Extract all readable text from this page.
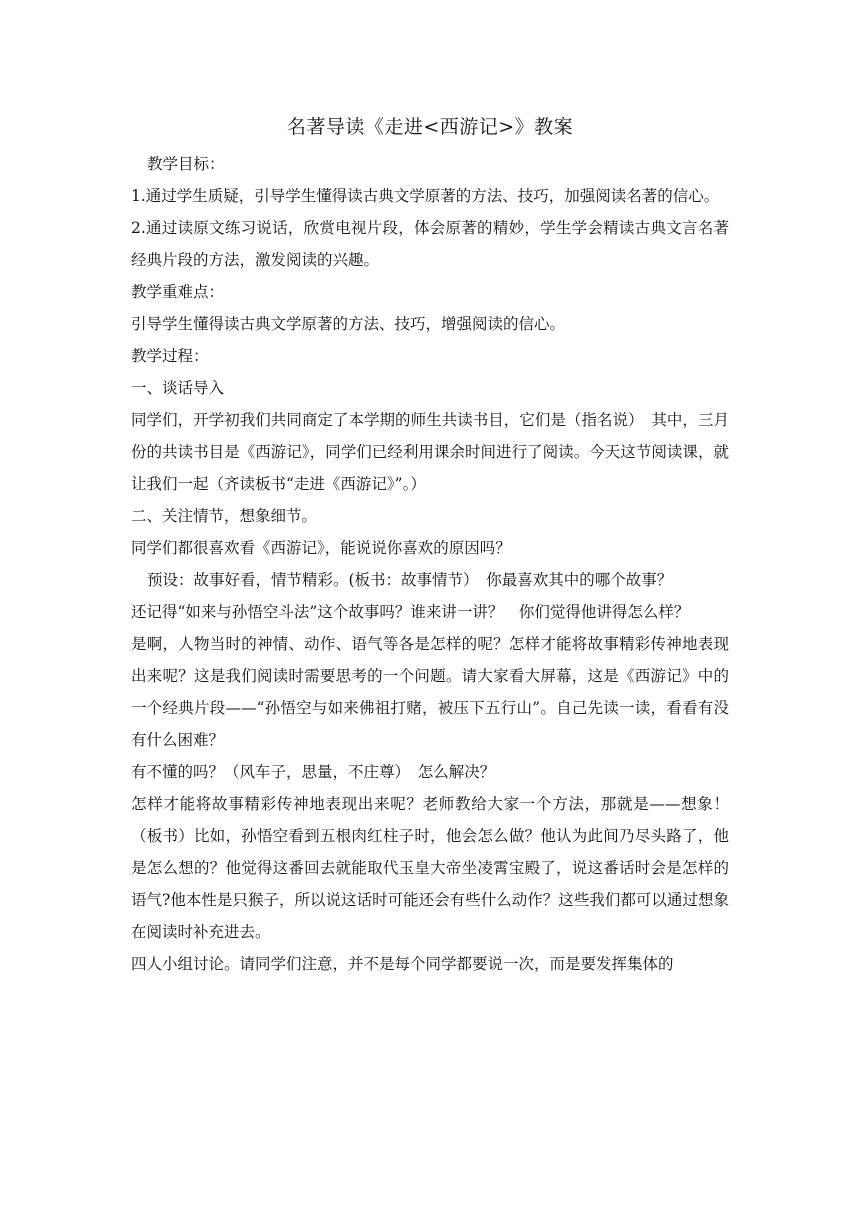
名著导读《走进<西游记>》教案

教学目标：

1.通过学生质疑，引导学生懂得读古典文学原著的方法、技巧，加强阅读名著的信心。

2.通过读原文练习说话，欣赏电视片段，体会原著的精妙，学生学会精读古典文言名著经典片段的方法，激发阅读的兴趣。

教学重难点：

引导学生懂得读古典文学原著的方法、技巧，增强阅读的信心。

教学过程：

一、谈话导入

同学们，开学初我们共同商定了本学期的师生共读书目，它们是（指名说）　其中，三月份的共读书目是《西游记》，同学们已经利用课余时间进行了阅读。今天这节阅读课，就让我们一起（齐读板书“走进《西游记》”。）

二、关注情节，想象细节。

同学们都很喜欢看《西游记》，能说说你喜欢的原因吗？

预设：故事好看，情节精彩。(板书：故事情节）　你最喜欢其中的哪个故事？

还记得“如来与孙悟空斗法”这个故事吗？谁来讲一讲？　你们觉得他讲得怎么样？

是啊，人物当时的神情、动作、语气等各是怎样的呢？怎样才能将故事精彩传神地表现出来呢？这是我们阅读时需要思考的一个问题。请大家看大屏幕，这是《西游记》中的一个经典片段——“孙悟空与如来佛祖打赌，被压下五行山”。自己先读一读，看看有没有什么困难？

有不懂的吗？（风车子，思量，不庄尊）　怎么解决？

怎样才能将故事精彩传神地表现出来呢？老师教给大家一个方法，那就是——想象！（板书）比如，孙悟空看到五根肉红柱子时，他会怎么做？他认为此间乃尽头路了，他是怎么想的？他觉得这番回去就能取代玉皇大帝坐凌霄宝殿了，说这番话时会是怎样的语气?他本性是只猴子，所以说这话时可能还会有些什么动作？这些我们都可以通过想象在阅读时补充进去。

四人小组讨论。请同学们注意，并不是每个同学都要说一次，而是要发挥集体的
